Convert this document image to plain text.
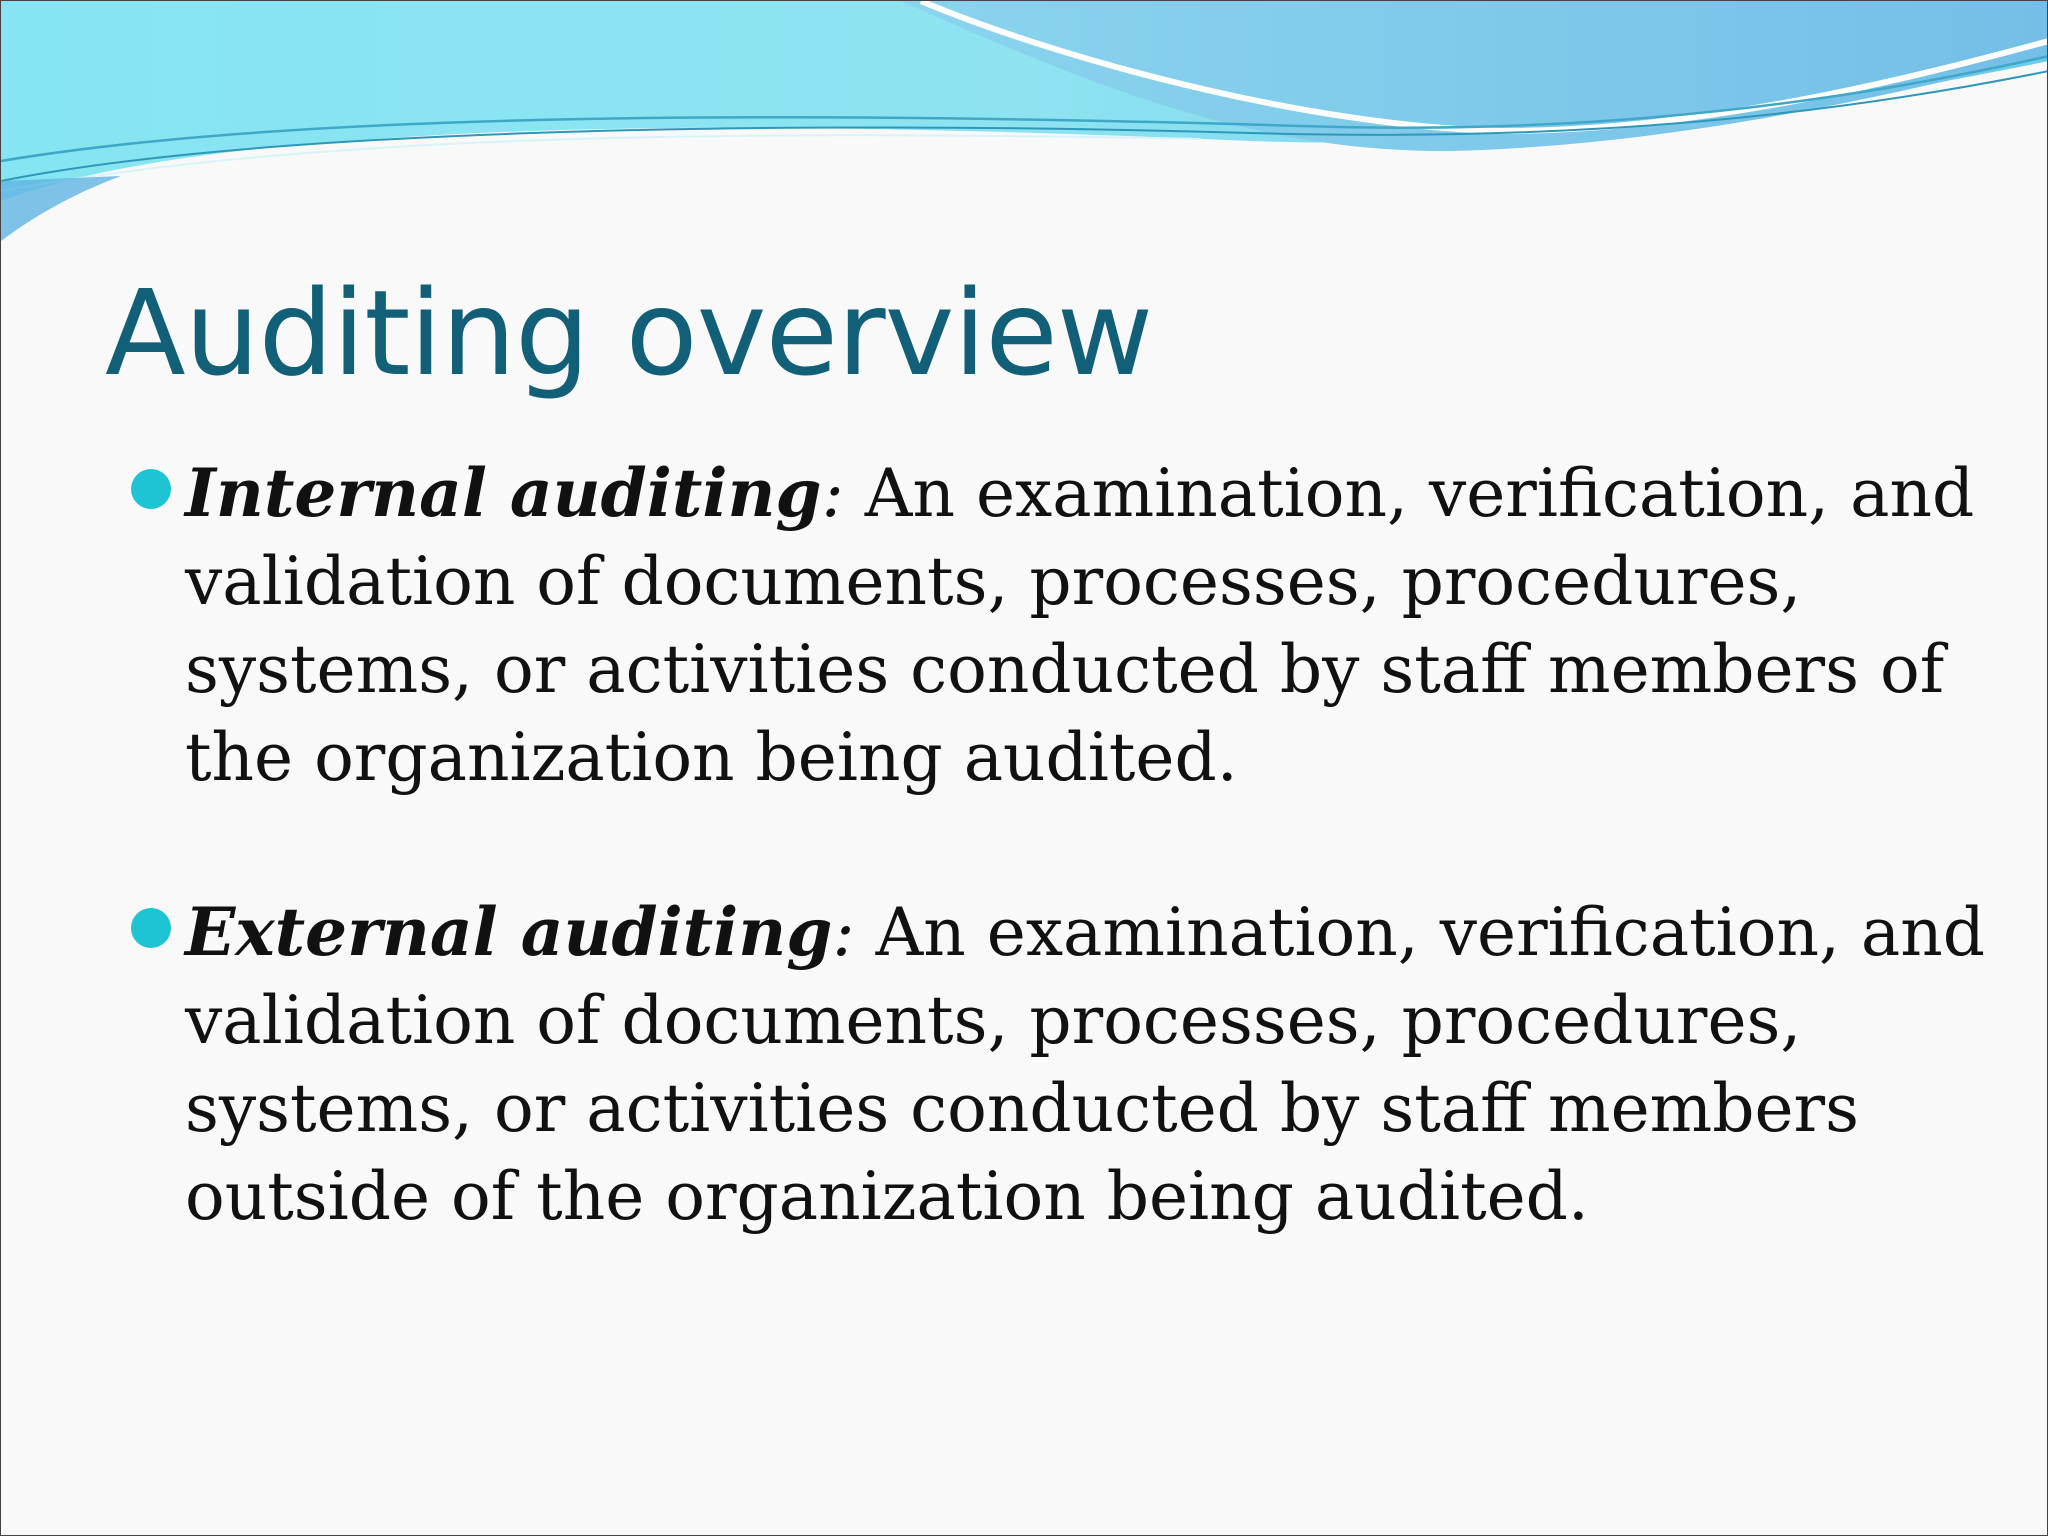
Auditing overview
Internal auditing: An examination, verification, and validation of documents, processes, procedures, systems, or activities conducted by staff members of the organization being audited.
External auditing: An examination, verification, and validation of documents, processes, procedures, systems, or activities conducted by staff members outside of the organization being audited.
